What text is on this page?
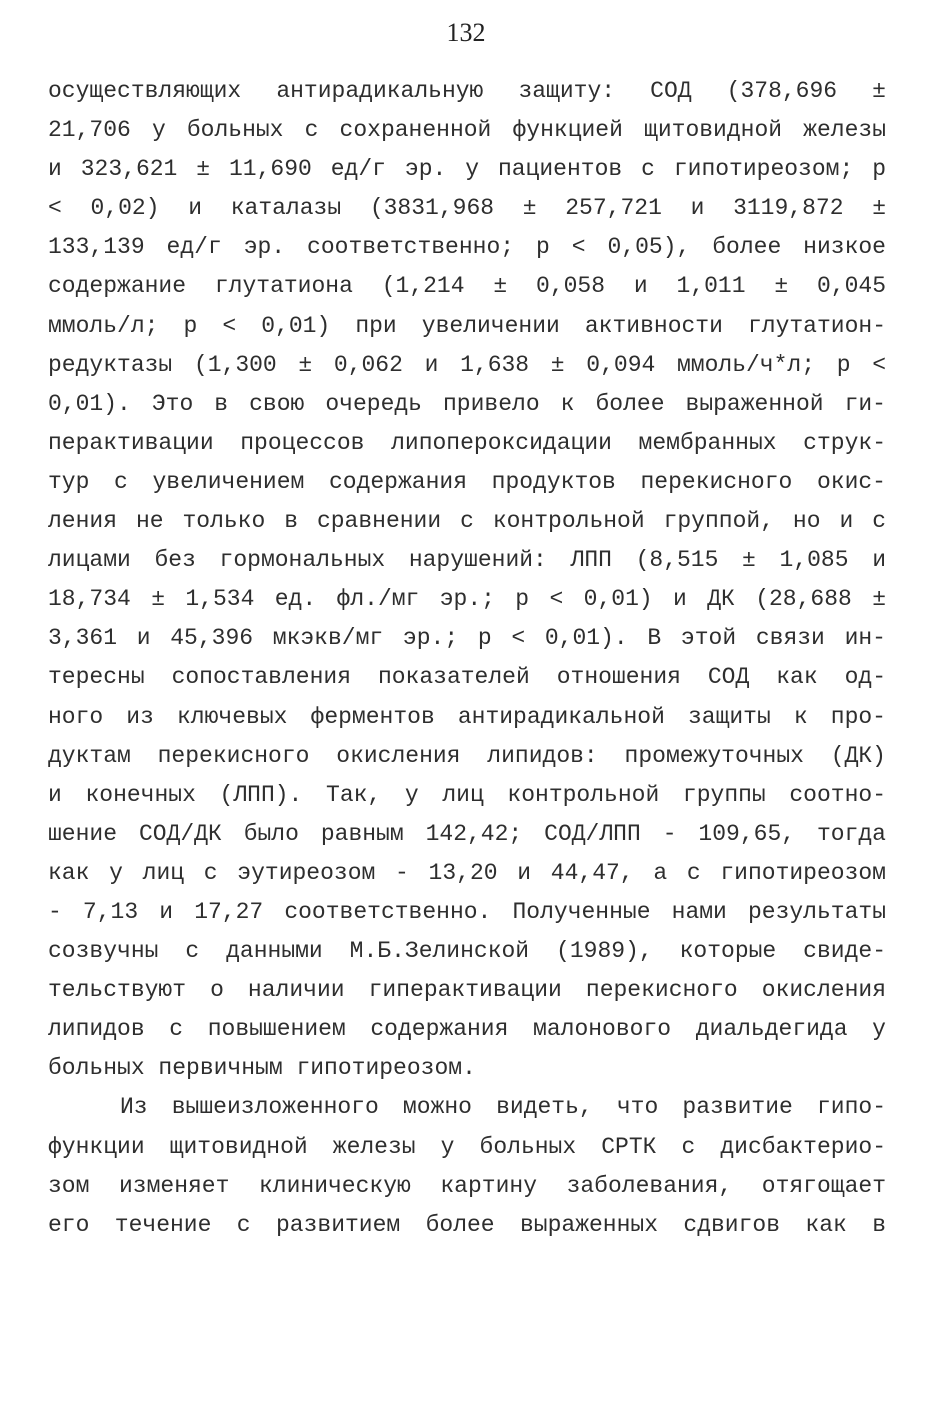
132
осуществляющих антирадикальную защиту: СОД (378,696 ±
21,706 у больных с сохраненной функцией щитовидной железы
и 323,621 ± 11,690 ед/г эр. у пациентов с гипотиреозом; р
< 0,02) и каталазы (3831,968 ± 257,721 и 3119,872 ±
133,139 ед/г эр. соответственно; р < 0,05), более низкое
содержание глутатиона (1,214 ± 0,058 и 1,011 ± 0,045
ммоль/л; р < 0,01) при увеличении активности глутатион-
редуктазы (1,300 ± 0,062 и 1,638 ± 0,094 ммоль/ч*л; р <
0,01). Это в свою очередь привело к более выраженной ги-
перактивации процессов липопероксидации мембранных струк-
тур с увеличением содержания продуктов перекисного окис-
ления не только в сравнении с контрольной группой, но и с
лицами без гормональных нарушений: ЛПП (8,515 ± 1,085 и
18,734 ± 1,534 ед. фл./мг эр.; р < 0,01) и ДК (28,688 ±
3,361 и 45,396 мкэкв/мг эр.; р < 0,01). В этой связи ин-
тересны сопоставления показателей отношения СОД как од-
ного из ключевых ферментов антирадикальной защиты к про-
дуктам перекисного окисления липидов: промежуточных (ДК)
и конечных (ЛПП). Так, у лиц контрольной группы соотно-
шение СОД/ДК было равным 142,42; СОД/ЛПП - 109,65, тогда
как у лиц с эутиреозом - 13,20 и 44,47, а с гипотиреозом
- 7,13 и 17,27 соответственно. Полученные нами результаты
созвучны с данными М.Б.Зелинской (1989), которые свиде-
тельствуют о наличии гиперактивации перекисного окисления
липидов с повышением содержания малонового диальдегида у
больных первичным гипотиреозом.
Из вышеизложенного можно видеть, что развитие гипо-
функции щитовидной железы у больных СРТК с дисбактерио-
зом изменяет клиническую картину заболевания, отягощает
его течение с развитием более выраженных сдвигов как в
